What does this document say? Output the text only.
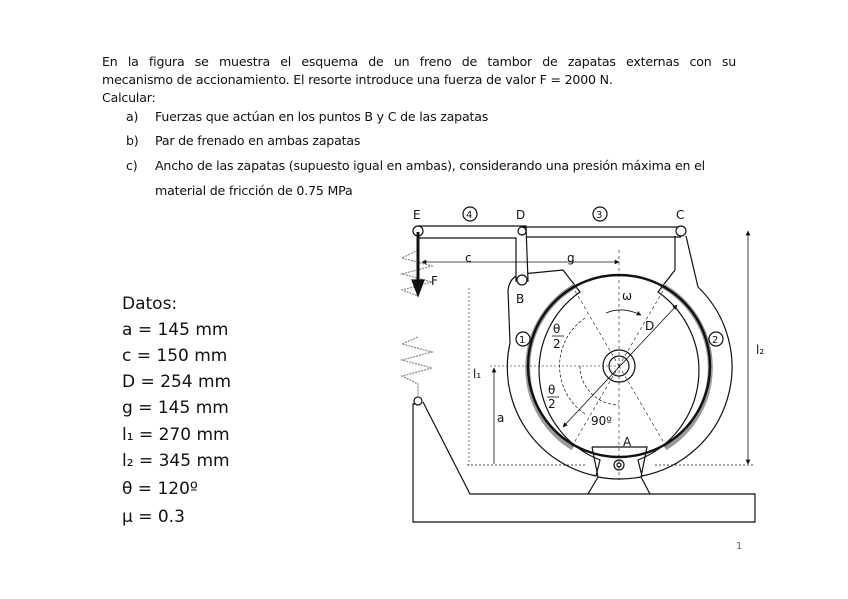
En la figura se muestra el esquema de un freno de tambor de zapatas externas con su
mecanismo de accionamiento. El resorte introduce una fuerza de valor F = 2000 N.
Calcular:
a) Fuerzas que actúan en los puntos B y C de las zapatas
b) Par de frenado en ambas zapatas
c) Ancho de las zapatas (supuesto igual en ambas), considerando una presión máxima en el
material de fricción de 0.75 MPa
Datos:
a = 145 mm
c = 150 mm
D = 254 mm
g = 145 mm
l₁ = 270 mm
l₂ = 345 mm
θ = 120º
μ = 0.3
E	D	C
4	3
1	2
B
A
F
c	g
a
l₁
l₂
ω
D
90º
θ
2
θ
2
1
